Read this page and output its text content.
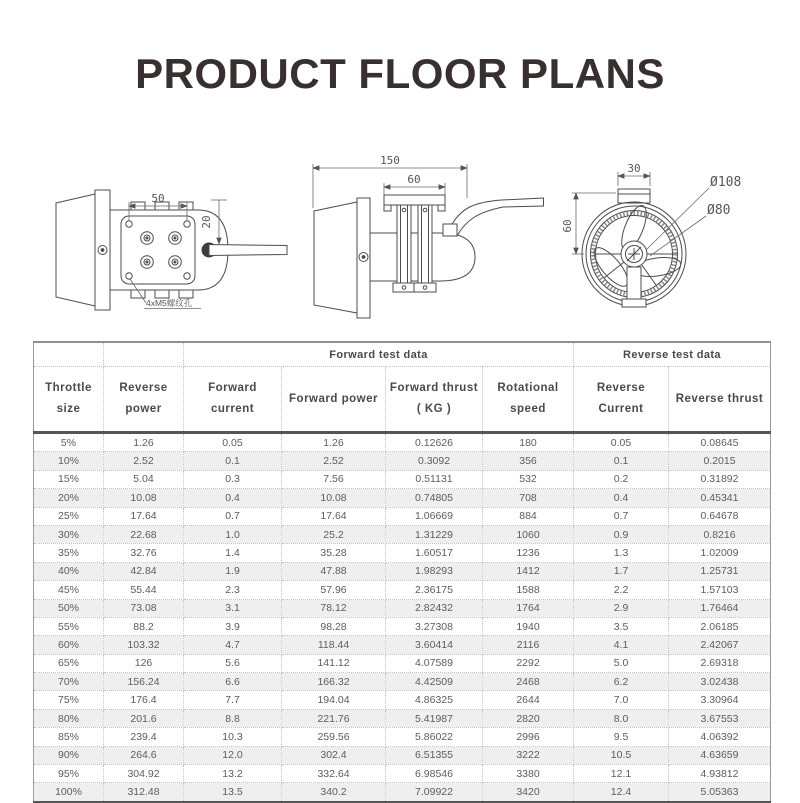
PRODUCT FLOOR PLANS
50
20
4xM5螺纹孔
150
60
30
60
Ø108
Ø80
		Forward test data				Reverse test data	
Throttle size	Reverse power	Forward current	Forward power	Forward thrust ( KG )	Rotational speed	Reverse Current	Reverse thrust
5%	1.26	0.05	1.26	0.12626	180	0.05	0.08645
10%	2.52	0.1	2.52	0.3092	356	0.1	0.2015
15%	5.04	0.3	7.56	0.51131	532	0.2	0.31892
20%	10.08	0.4	10.08	0.74805	708	0.4	0.45341
25%	17.64	0.7	17.64	1.06669	884	0.7	0.64678
30%	22.68	1.0	25.2	1.31229	1060	0.9	0.8216
35%	32.76	1.4	35.28	1.60517	1236	1.3	1.02009
40%	42.84	1.9	47.88	1.98293	1412	1.7	1.25731
45%	55.44	2.3	57.96	2.36175	1588	2.2	1.57103
50%	73.08	3.1	78.12	2.82432	1764	2.9	1.76464
55%	88.2	3.9	98.28	3.27308	1940	3.5	2.06185
60%	103.32	4.7	118.44	3.60414	2116	4.1	2.42067
65%	126	5.6	141.12	4.07589	2292	5.0	2.69318
70%	156.24	6.6	166.32	4.42509	2468	6.2	3.02438
75%	176.4	7.7	194.04	4.86325	2644	7.0	3.30964
80%	201.6	8.8	221.76	5.41987	2820	8.0	3.67553
85%	239.4	10.3	259.56	5.86022	2996	9.5	4.06392
90%	264.6	12.0	302.4	6.51355	3222	10.5	4.63659
95%	304.92	13.2	332.64	6.98546	3380	12.1	4.93812
100%	312.48	13.5	340.2	7.09922	3420	12.4	5.05363
